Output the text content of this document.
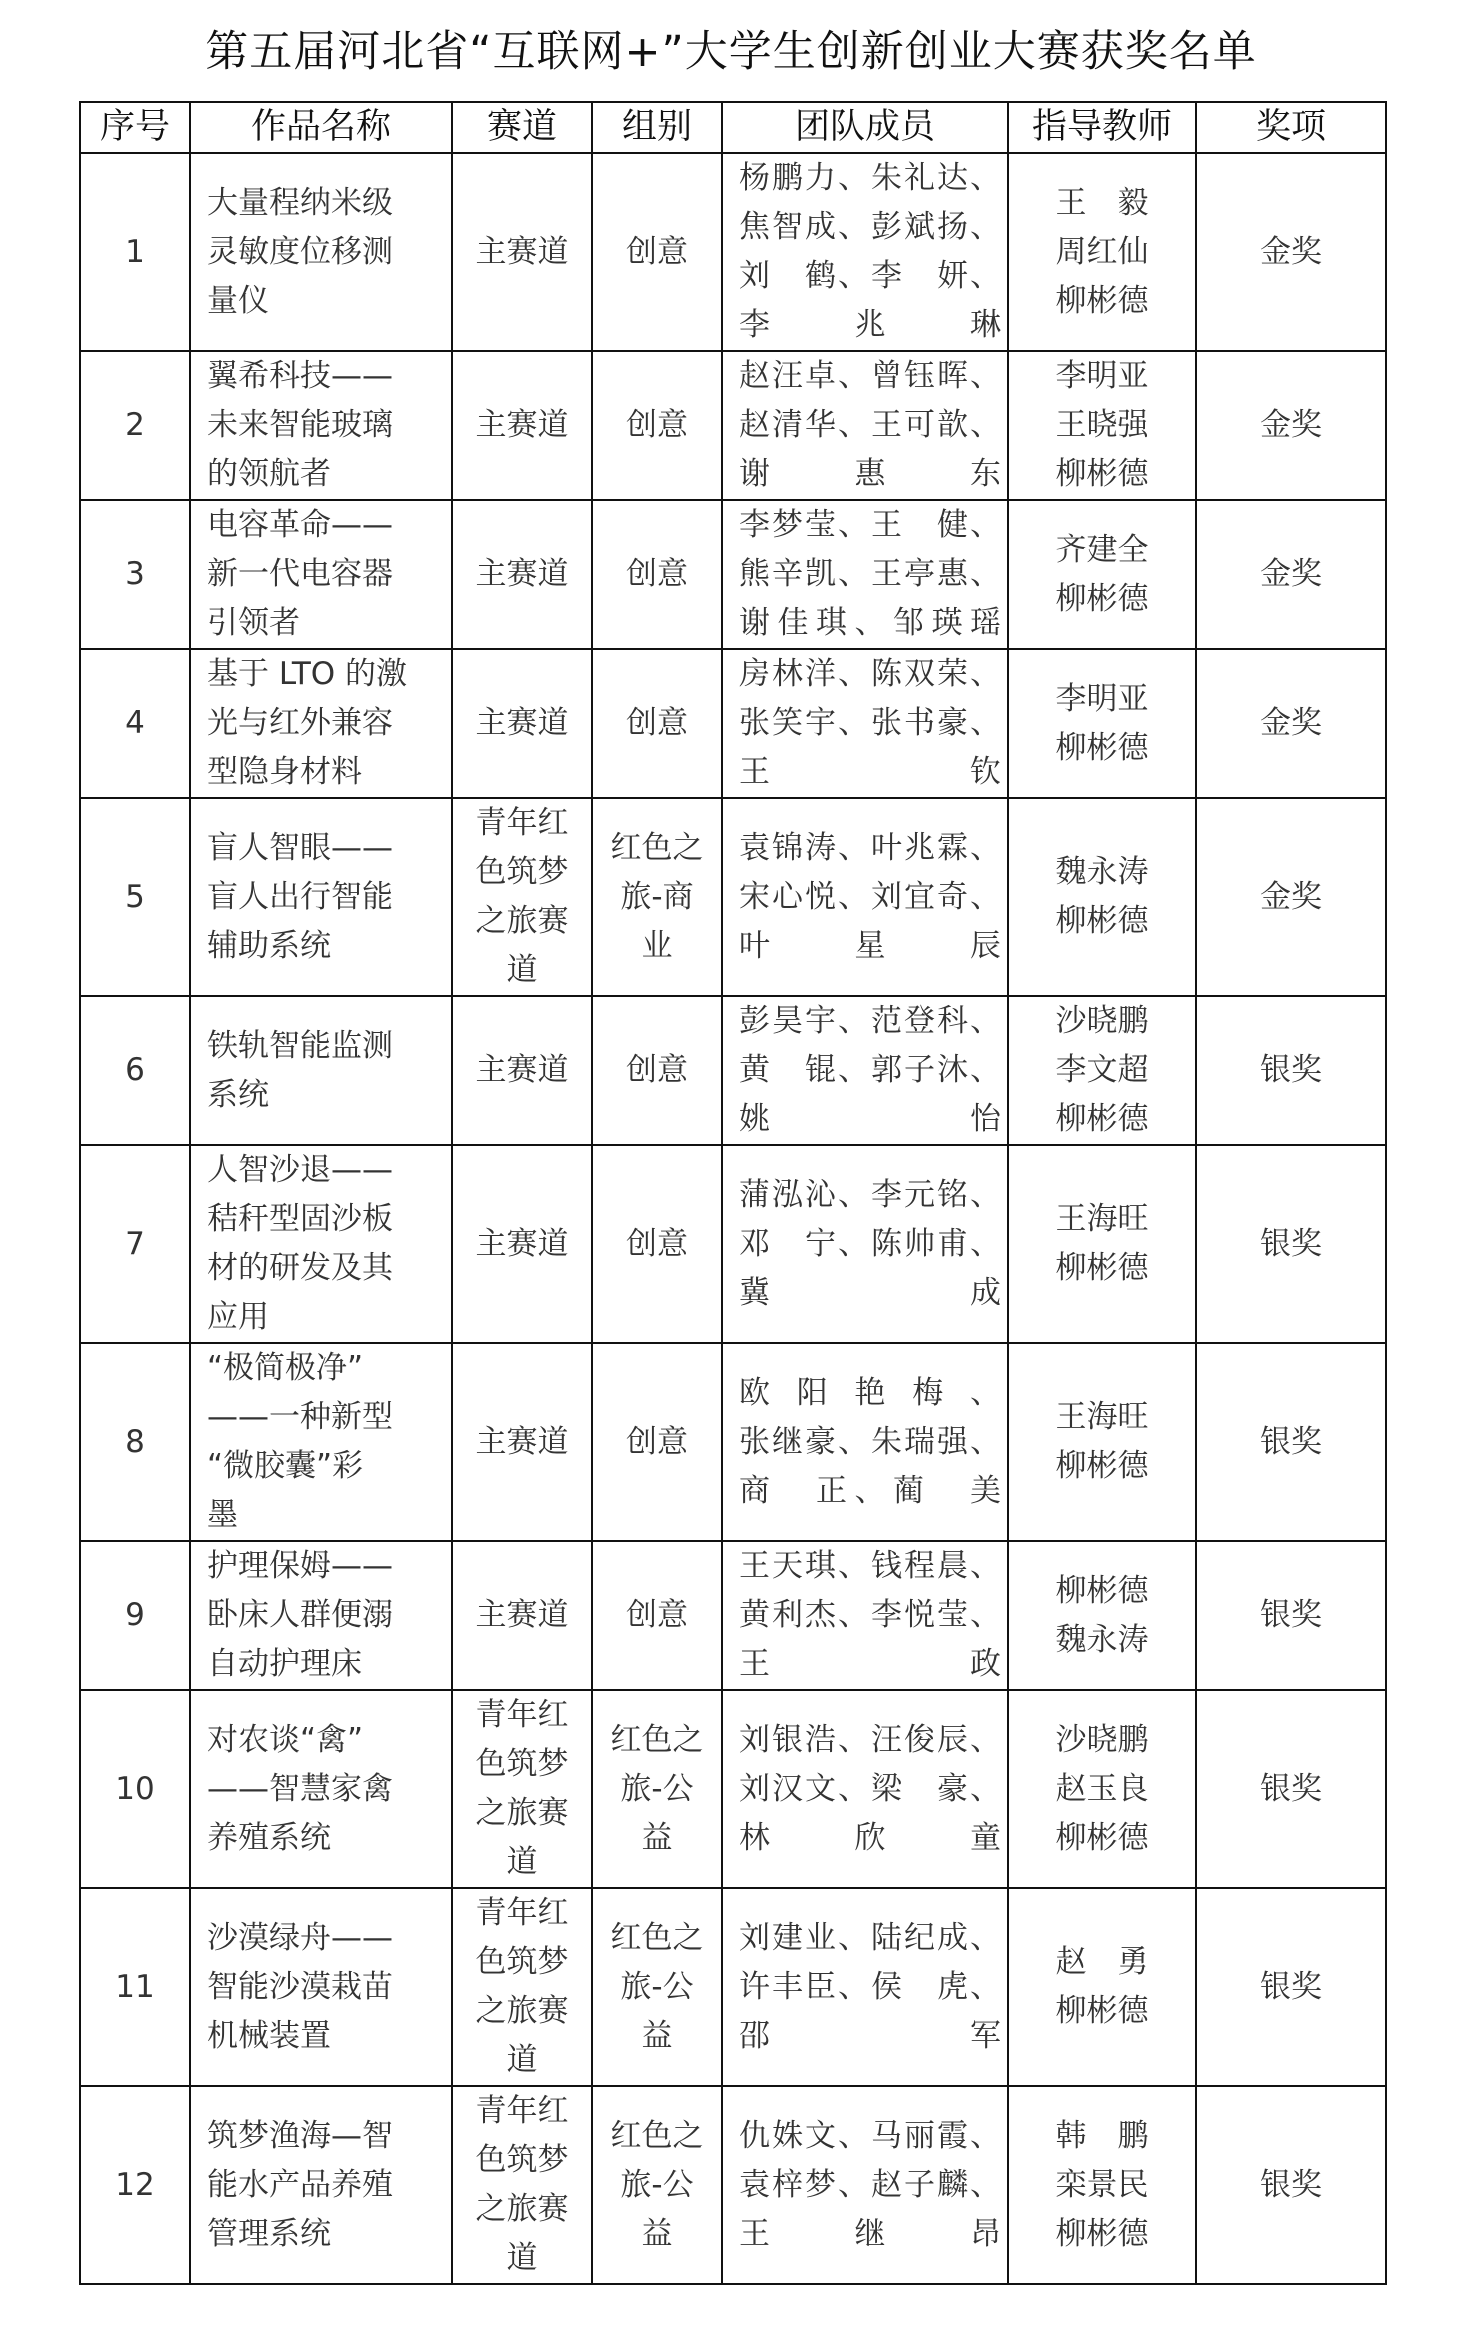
第五届河北省“互联网+”大学生创新创业大赛获奖名单
序号	作品名称	赛道	组别	团队成员	指导教师	奖项
1	大量程纳米级
灵敏度位移测
量仪	主赛道	创意	杨鹏力、朱礼达、
焦智成、彭斌扬、
刘　鹤、李　妍、
李兆琳	王　毅
周红仙
柳彬德	金奖
2	翼希科技——
未来智能玻璃
的领航者	主赛道	创意	赵汪卓、曾钰晖、
赵清华、王可歆、
谢惠东	李明亚
王晓强
柳彬德	金奖
3	电容革命——
新一代电容器
引领者	主赛道	创意	李梦莹、王　健、
熊辛凯、王亭惠、
谢佳琪、邹瑛瑶	齐建全
柳彬德	金奖
4	基于 LTO 的激
光与红外兼容
型隐身材料	主赛道	创意	房林洋、陈双荣、
张笑宇、张书豪、
王　钦	李明亚
柳彬德	金奖
5	盲人智眼——
盲人出行智能
辅助系统	青年红
色筑梦
之旅赛
道	红色之
旅-商
业	袁锦涛、叶兆霖、
宋心悦、刘宜奇、
叶星辰	魏永涛
柳彬德	金奖
6	铁轨智能监测
系统	主赛道	创意	彭昊宇、范登科、
黄　锟、郭子沐、
姚　怡	沙晓鹏
李文超
柳彬德	银奖
7	人智沙退——
秸秆型固沙板
材的研发及其
应用	主赛道	创意	蒲泓沁、李元铭、
邓　宁、陈帅甫、
冀　成	王海旺
柳彬德	银奖
8	“极简极净”
——一种新型
“微胶囊”彩
墨	主赛道	创意	欧阳艳梅、
张继豪、朱瑞强、
商　正、蔺　美	王海旺
柳彬德	银奖
9	护理保姆——
卧床人群便溺
自动护理床	主赛道	创意	王天琪、钱程晨、
黄利杰、李悦莹、
王　政	柳彬德
魏永涛	银奖
10	对农谈“禽”
——智慧家禽
养殖系统	青年红
色筑梦
之旅赛
道	红色之
旅-公
益	刘银浩、汪俊辰、
刘汉文、梁　豪、
林欣童	沙晓鹏
赵玉良
柳彬德	银奖
11	沙漠绿舟——
智能沙漠栽苗
机械装置	青年红
色筑梦
之旅赛
道	红色之
旅-公
益	刘建业、陆纪成、
许丰臣、侯　虎、
邵　军	赵　勇
柳彬德	银奖
12	筑梦渔海—智
能水产品养殖
管理系统	青年红
色筑梦
之旅赛
道	红色之
旅-公
益	仇姝文、马丽霞、
袁梓梦、赵子麟、
王继昂	韩　鹏
栾景民
柳彬德	银奖
